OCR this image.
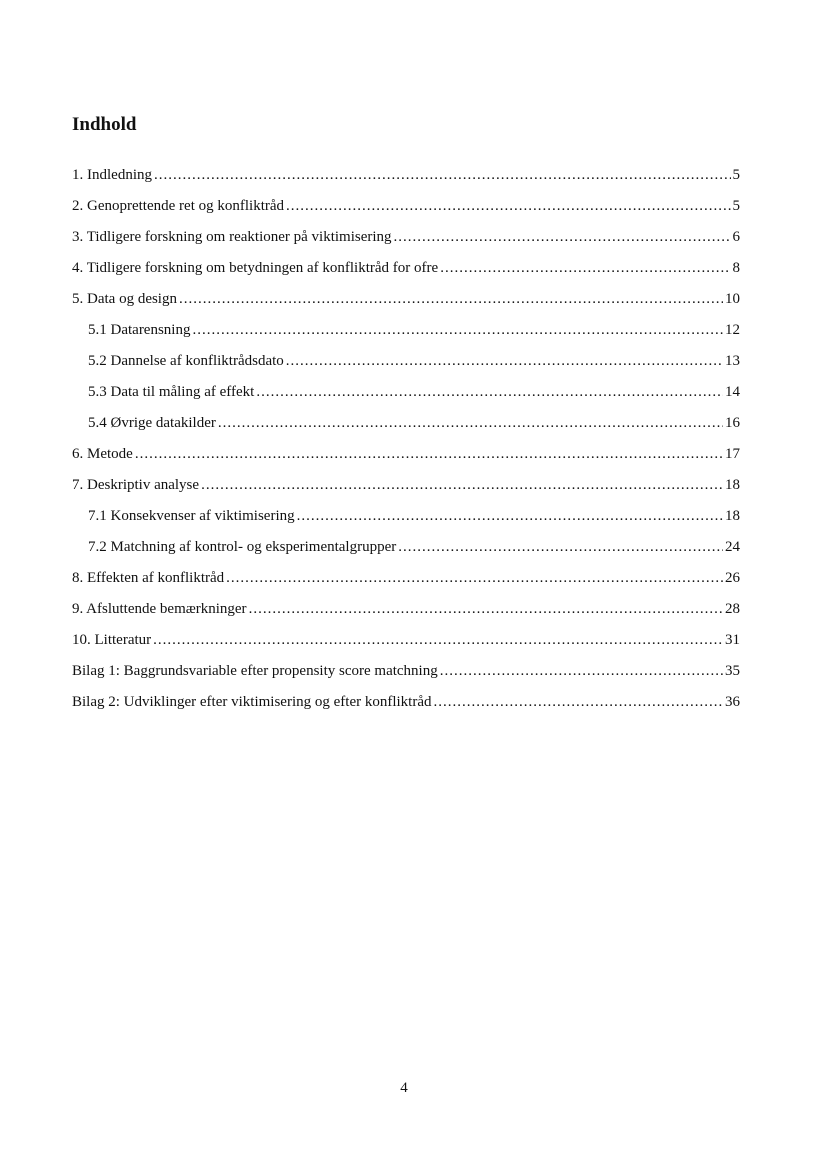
Indhold
1. Indledning .....	5
2. Genoprettende ret og konfliktråd .....	5
3. Tidligere forskning om reaktioner på viktimisering .....	6
4. Tidligere forskning om betydningen af konfliktråd for ofre .....	8
5. Data og design .....	10
5.1 Datarensning .....	12
5.2 Dannelse af konfliktrådsdato .....	13
5.3 Data til måling af effekt .....	14
5.4 Øvrige datakilder .....	16
6. Metode .....	17
7. Deskriptiv analyse .....	18
7.1 Konsekvenser af viktimisering .....	18
7.2 Matchning af kontrol- og eksperimentalgrupper .....	24
8. Effekten af konfliktråd .....	26
9. Afsluttende bemærkninger .....	28
10. Litteratur .....	31
Bilag 1: Baggrundsvariable efter propensity score matchning .....	35
Bilag 2: Udviklinger efter viktimisering og efter konfliktråd .....	36
4
